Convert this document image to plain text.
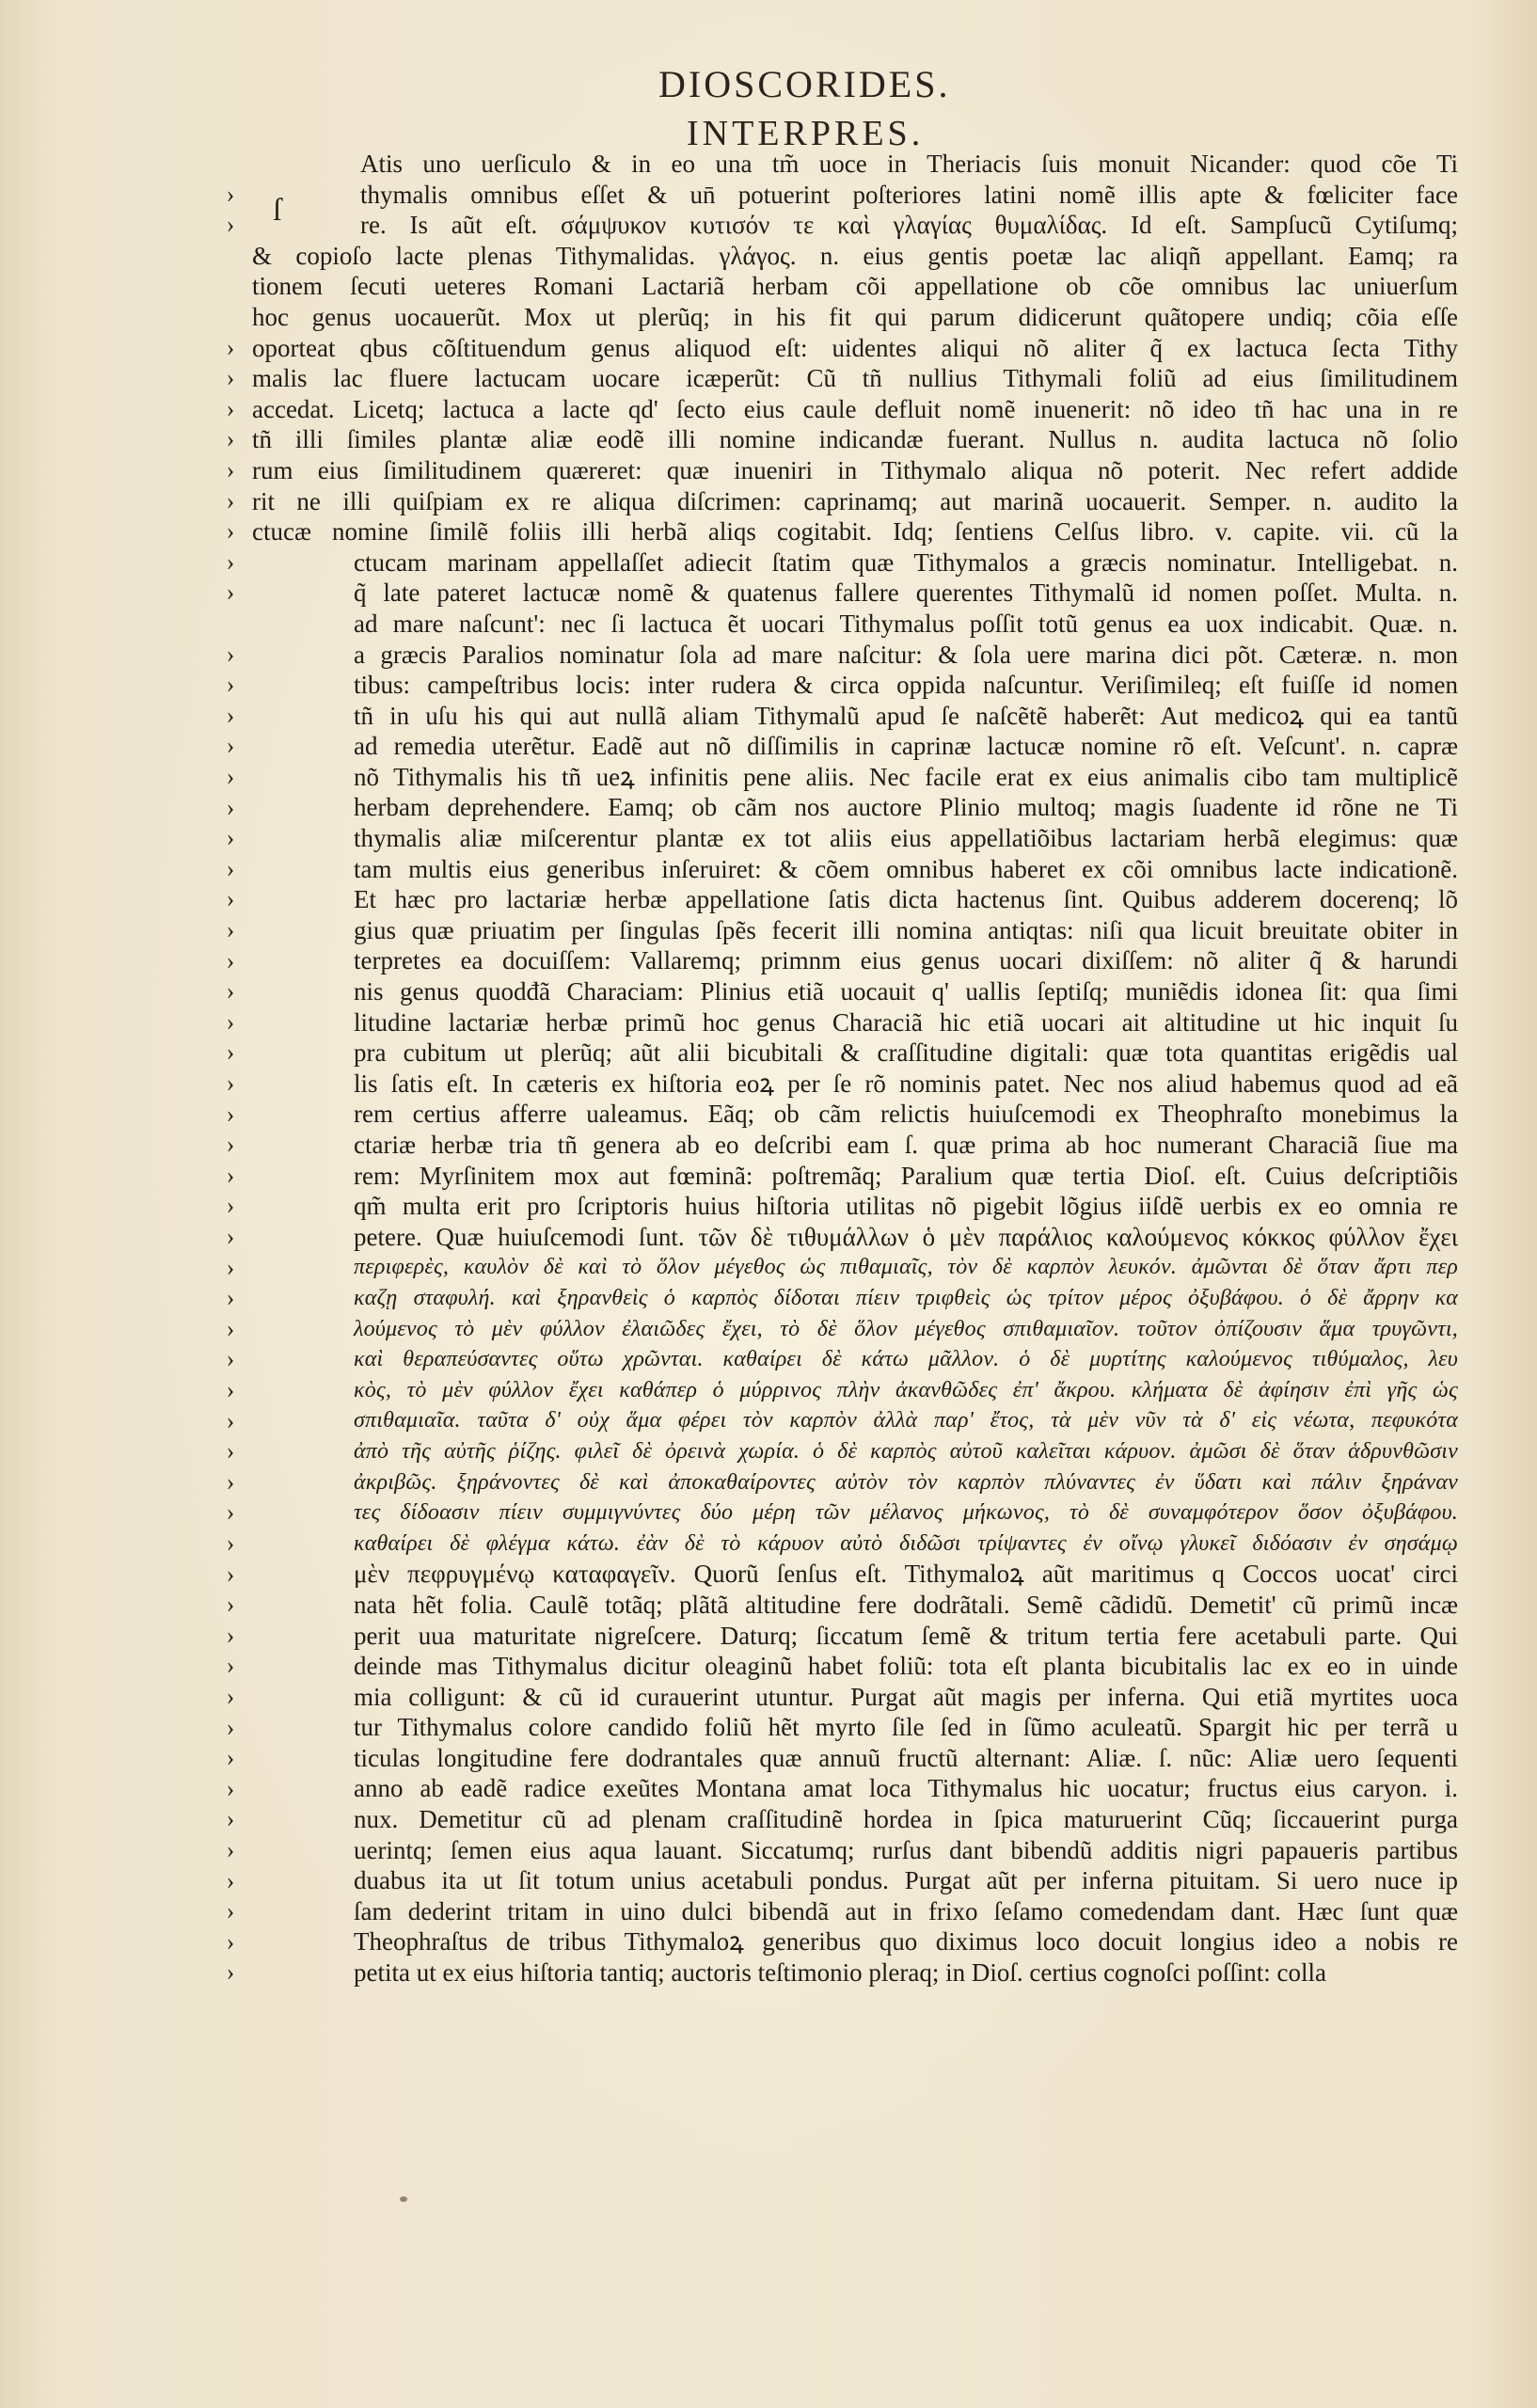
DIOSCORIDES.
INTERPRES.
ſ
›
›
›
›
›
›
›
›
›
›
›
›
›
›
›
›
›
›
›
›
›
›
›
›
›
›
›
›
›
›
›
›
›
›
›
›
›
›
›
›
›
›
›
›
›
›
›
›
›
›
›
›
›
›
›
Atis uno uerſiculo & in eo una tm̃ uoce in Theriacis ſuis monuit Nicander: quod cõe Ti
thymalis omnibus eſſet & un̄ potuerint poſteriores latini nomẽ illis apte & fœliciter face
re. Is aũt eſt. σάμψυκον κυτισόν τε καὶ γλαγίας θυμαλίδας. Id eſt. Sampſucũ Cytiſumq;
& copioſo lacte plenas Tithymalidas. γλάγος. n. eius gentis poetæ lac aliqñ appellant. Eamq; ra
tionem ſecuti ueteres Romani Lactariã herbam cõi appellatione ob cõe omnibus lac uniuerſum
hoc genus uocauerũt. Mox ut plerũq; in his fit qui parum didicerunt quãtopere undiq; cõia eſſe
oporteat qbus cõſtituendum genus aliquod eſt: uidentes aliqui nõ aliter q̃ ex lactuca ſecta Tithy
malis lac fluere lactucam uocare icæperũt: Cũ tñ nullius Tithymali foliũ ad eius ſimilitudinem
accedat. Licetq; lactuca a lacte qd' ſecto eius caule defluit nomẽ inuenerit: nõ ideo tñ hac una in re
tñ illi ſimiles plantæ aliæ eodẽ illi nomine indicandæ fuerant. Nullus n. audita lactuca nõ ſolio
rum eius ſimilitudinem quæreret: quæ inueniri in Tithymalo aliqua nõ poterit. Nec refert addide
rit ne illi quiſpiam ex re aliqua diſcrimen: caprinamq; aut marinã uocauerit. Semper. n. audito la
ctucæ nomine ſimilẽ foliis illi herbã aliqs cogitabit. Idq; ſentiens Celſus libro. v. capite. vii. cũ la
ctucam marinam appellaſſet adiecit ſtatim quæ Tithymalos a græcis nominatur. Intelligebat. n.
q̃ late pateret lactucæ nomẽ & quatenus fallere querentes Tithymalũ id nomen poſſet. Multa. n.
ad mare naſcunt': nec ſi lactuca ẽt uocari Tithymalus poſſit totũ genus ea uox indicabit. Quæ. n.
a græcis Paralios nominatur ſola ad mare naſcitur: & ſola uere marina dici põt. Cæteræ. n. mon
tibus: campeſtribus locis: inter rudera & circa oppida naſcuntur. Veriſimileq; eſt fuiſſe id nomen
tñ in uſu his qui aut nullã aliam Tithymalũ apud ſe naſcẽtẽ haberẽt: Aut medicoꝝ qui ea tantũ
ad remedia uterẽtur. Eadẽ aut nõ diſſimilis in caprinæ lactucæ nomine rõ eſt. Veſcunt'. n. capræ
nõ Tithymalis his tñ ueꝝ infinitis pene aliis. Nec facile erat ex eius animalis cibo tam multiplicẽ
herbam deprehendere. Eamq; ob cãm nos auctore Plinio multoq; magis ſuadente id rõne ne Ti
thymalis aliæ miſcerentur plantæ ex tot aliis eius appellatiõibus lactariam herbã elegimus: quæ
tam multis eius generibus inſeruiret: & cõem omnibus haberet ex cõi omnibus lacte indicationẽ.
Et hæc pro lactariæ herbæ appellatione ſatis dicta hactenus ſint. Quibus adderem docerenq; lõ
gius quæ priuatim per ſingulas ſpẽs fecerit illi nomina antiqtas: niſi qua licuit breuitate obiter in
terpretes ea docuiſſem: Vallaremq; primnm eius genus uocari dixiſſem: nõ aliter q̃ & harundi
nis genus quodđã Characiam: Plinius etiã uocauit q' uallis ſeptiſq; muniẽdis idonea ſit: qua ſimi
litudine lactariæ herbæ primũ hoc genus Characiã hic etiã uocari ait altitudine ut hic inquit ſu
pra cubitum ut plerũq; aũt alii bicubitali & craſſitudine digitali: quæ tota quantitas erigẽdis ual
lis ſatis eſt. In cæteris ex hiſtoria eoꝝ per ſe rõ nominis patet. Nec nos aliud habemus quod ad eã
rem certius afferre ualeamus. Eãq; ob cãm relictis huiuſcemodi ex Theophraſto monebimus la
ctariæ herbæ tria tñ genera ab eo deſcribi eam ſ. quæ prima ab hoc numerant Characiã ſiue ma
rem: Myrſinitem mox aut fœminã: poſtremãq; Paralium quæ tertia Dioſ. eſt. Cuius deſcriptiõis
qm̃ multa erit pro ſcriptoris huius hiſtoria utilitas nõ pigebit lõgius iiſdẽ uerbis ex eo omnia re
petere. Quæ huiuſcemodi ſunt. τῶν δὲ τιθυμάλλων ὁ μὲν παράλιος καλούμενος κόκκος φύλλον ἔχει
περιφερὲς, καυλὸν δὲ καὶ τὸ ὅλον μέγεθος ὡς πιθαμιαῖς, τὸν δὲ καρπὸν λευκόν. ἀμῶνται δὲ ὅταν ἄρτι περ
καζῃ σταφυλή. καὶ ξηρανθεὶς ὁ καρπὸς δίδοται πίειν τριφθεὶς ὡς τρίτον μέρος ὀξυβάφου. ὁ δὲ ἄρρην κα
λούμενος τὸ μὲν φύλλον ἐλαιῶδες ἔχει, τὸ δὲ ὅλον μέγεθος σπιθαμιαῖον. τοῦτον ὀπίζουσιν ἅμα τρυγῶντι,
καὶ θεραπεύσαντες οὕτω χρῶνται. καθαίρει δὲ κάτω μᾶλλον. ὁ δὲ μυρτίτης καλούμενος τιθύμαλος, λευ
κὸς, τὸ μὲν φύλλον ἔχει καθάπερ ὁ μύρρινος πλὴν ἀκανθῶδες ἐπ' ἄκρου. κλήματα δὲ ἀφίησιν ἐπὶ γῆς ὡς
σπιθαμιαῖα. ταῦτα δ' οὐχ ἅμα φέρει τὸν καρπὸν ἀλλὰ παρ' ἔτος, τὰ μὲν νῦν τὰ δ' εἰς νέωτα, πεφυκότα
ἀπὸ τῆς αὐτῆς ῥίζης. φιλεῖ δὲ ὀρεινὰ χωρία. ὁ δὲ καρπὸς αὐτοῦ καλεῖται κάρυον. ἀμῶσι δὲ ὅταν ἁδρυνθῶσιν
ἀκριβῶς. ξηράνοντες δὲ καὶ ἀποκαθαίροντες αὐτὸν τὸν καρπὸν πλύναντες ἐν ὕδατι καὶ πάλιν ξηράναν
τες δίδοασιν πίειν συμμιγνύντες δύο μέρη τῶν μέλανος μήκωνος, τὸ δὲ συναμφότερον ὅσον ὀξυβάφου.
καθαίρει δὲ φλέγμα κάτω. ἐὰν δὲ τὸ κάρυον αὐτὸ διδῶσι τρίψαντες ἐν οἴνῳ γλυκεῖ διδόασιν ἐν σησάμῳ
μὲν πεφρυγμένῳ καταφαγεῖν. Quorũ ſenſus eſt. Tithymaloꝝ aũt maritimus q Coccos uocat' circi
nata hẽt folia. Caulẽ totãq; plãtã altitudine fere dodrãtali. Semẽ cãdidũ. Demetit' cũ primũ incæ
perit uua maturitate nigreſcere. Daturq; ſiccatum ſemẽ & tritum tertia fere acetabuli parte. Qui
deinde mas Tithymalus dicitur oleaginũ habet foliũ: tota eſt planta bicubitalis lac ex eo in uinde
mia colligunt: & cũ id curauerint utuntur. Purgat aũt magis per inferna. Qui etiã myrtites uoca
tur Tithymalus colore candido foliũ hẽt myrto ſile ſed in ſũmo aculeatũ. Spargit hic per terrã u
ticulas longitudine fere dodrantales quæ annuũ fructũ alternant: Aliæ. ſ. nũc: Aliæ uero ſequenti
anno ab eadẽ radice exeũtes Montana amat loca Tithymalus hic uocatur; fructus eius caryon. i.
nux. Demetitur cũ ad plenam craſſitudinẽ hordea in ſpica maturuerint Cũq; ſiccauerint purga
uerintq; ſemen eius aqua lauant. Siccatumq; rurſus dant bibendũ additis nigri papaueris partibus
duabus ita ut ſit totum unius acetabuli pondus. Purgat aũt per inferna pituitam. Si uero nuce ip
ſam dederint tritam in uino dulci bibendã aut in frixo ſeſamo comedendam dant. Hæc ſunt quæ
Theophraſtus de tribus Tithymaloꝝ generibus quo diximus loco docuit longius ideo a nobis re
petita ut ex eius hiſtoria tantiq; auctoris teſtimonio pleraq; in Dioſ. certius cognoſci poſſint: colla
